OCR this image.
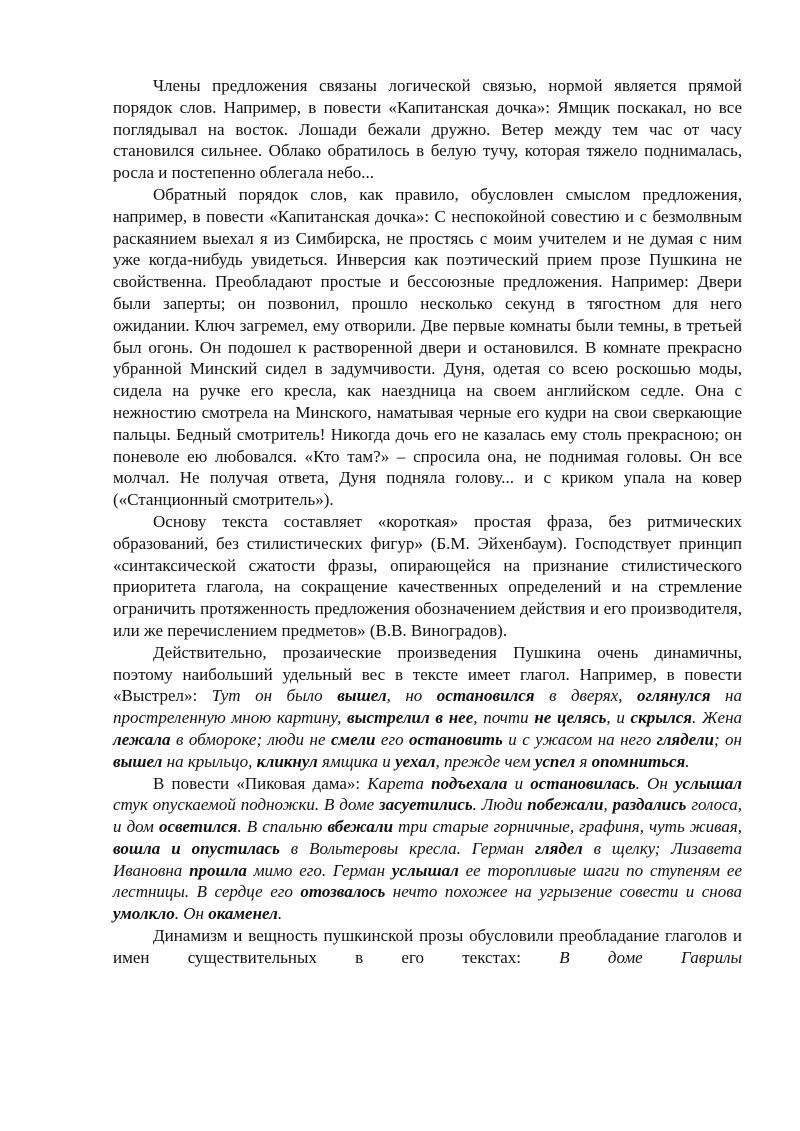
Члены предложения связаны логической связью, нормой является прямой порядок слов. Например, в повести «Капитанская дочка»: Ямщик поскакал, но все поглядывал на восток. Лошади бежали дружно. Ветер между тем час от часу становился сильнее. Облако обратилось в белую тучу, которая тяжело поднималась, росла и постепенно облегала небо...

Обратный порядок слов, как правило, обусловлен смыслом предложения, например, в повести «Капитанская дочка»: С неспокойной совестию и с безмолвным раскаянием выехал я из Симбирска, не простясь с моим учителем и не думая с ним уже когда-нибудь увидеться. Инверсия как поэтический прием прозе Пушкина не свойственна. Преобладают простые и бессоюзные предложения. Например: Двери были заперты; он позвонил, прошло несколько секунд в тягостном для него ожидании. Ключ загремел, ему отворили. Две первые комнаты были темны, в третьей был огонь. Он подошел к растворенной двери и остановился. В комнате прекрасно убранной Минский сидел в задумчивости. Дуня, одетая со всею роскошью моды, сидела на ручке его кресла, как наездница на своем английском седле. Она с нежностию смотрела на Минского, наматывая черные его кудри на свои сверкающие пальцы. Бедный смотритель! Никогда дочь его не казалась ему столь прекрасною; он поневоле ею любовался. «Кто там?» – спросила она, не поднимая головы. Он все молчал. Не получая ответа, Дуня подняла голову... и с криком упала на ковер («Станционный смотритель»).

Основу текста составляет «короткая» простая фраза, без ритмических образований, без стилистических фигур» (Б.М. Эйхенбаум). Господствует принцип «синтаксической сжатости фразы, опирающейся на признание стилистического приоритета глагола, на сокращение качественных определений и на стремление ограничить протяженность предложения обозначением действия и его производителя, или же перечислением предметов» (В.В. Виноградов).

Действительно, прозаические произведения Пушкина очень динамичны, поэтому наибольший удельный вес в тексте имеет глагол. Например, в повести «Выстрел»: Тут он было вышел, но остановился в дверях, оглянулся на простреленную мною картину, выстрелил в нее, почти не целясь, и скрылся. Жена лежала в обмороке; люди не смели его остановить и с ужасом на него глядели; он вышел на крыльцо, кликнул ямщика и уехал, прежде чем успел я опомниться.

В повести «Пиковая дама»: Карета подъехала и остановилась. Он услышал стук опускаемой подножки. В доме засуетились. Люди побежали, раздались голоса, и дом осветился. В спальню вбежали три старые горничные, графиня, чуть живая, вошла и опустилась в Вольтеровы кресла. Герман глядел в щелку; Лизавета Ивановна прошла мимо его. Герман услышал ее торопливые шаги по ступеням ее лестницы. В сердце его отозвалось нечто похожее на угрызение совести и снова умолкло. Он окаменел.

Динамизм и вещность пушкинской прозы обусловили преобладание глаголов и имен существительных в его текстах: В доме Гаврилы
